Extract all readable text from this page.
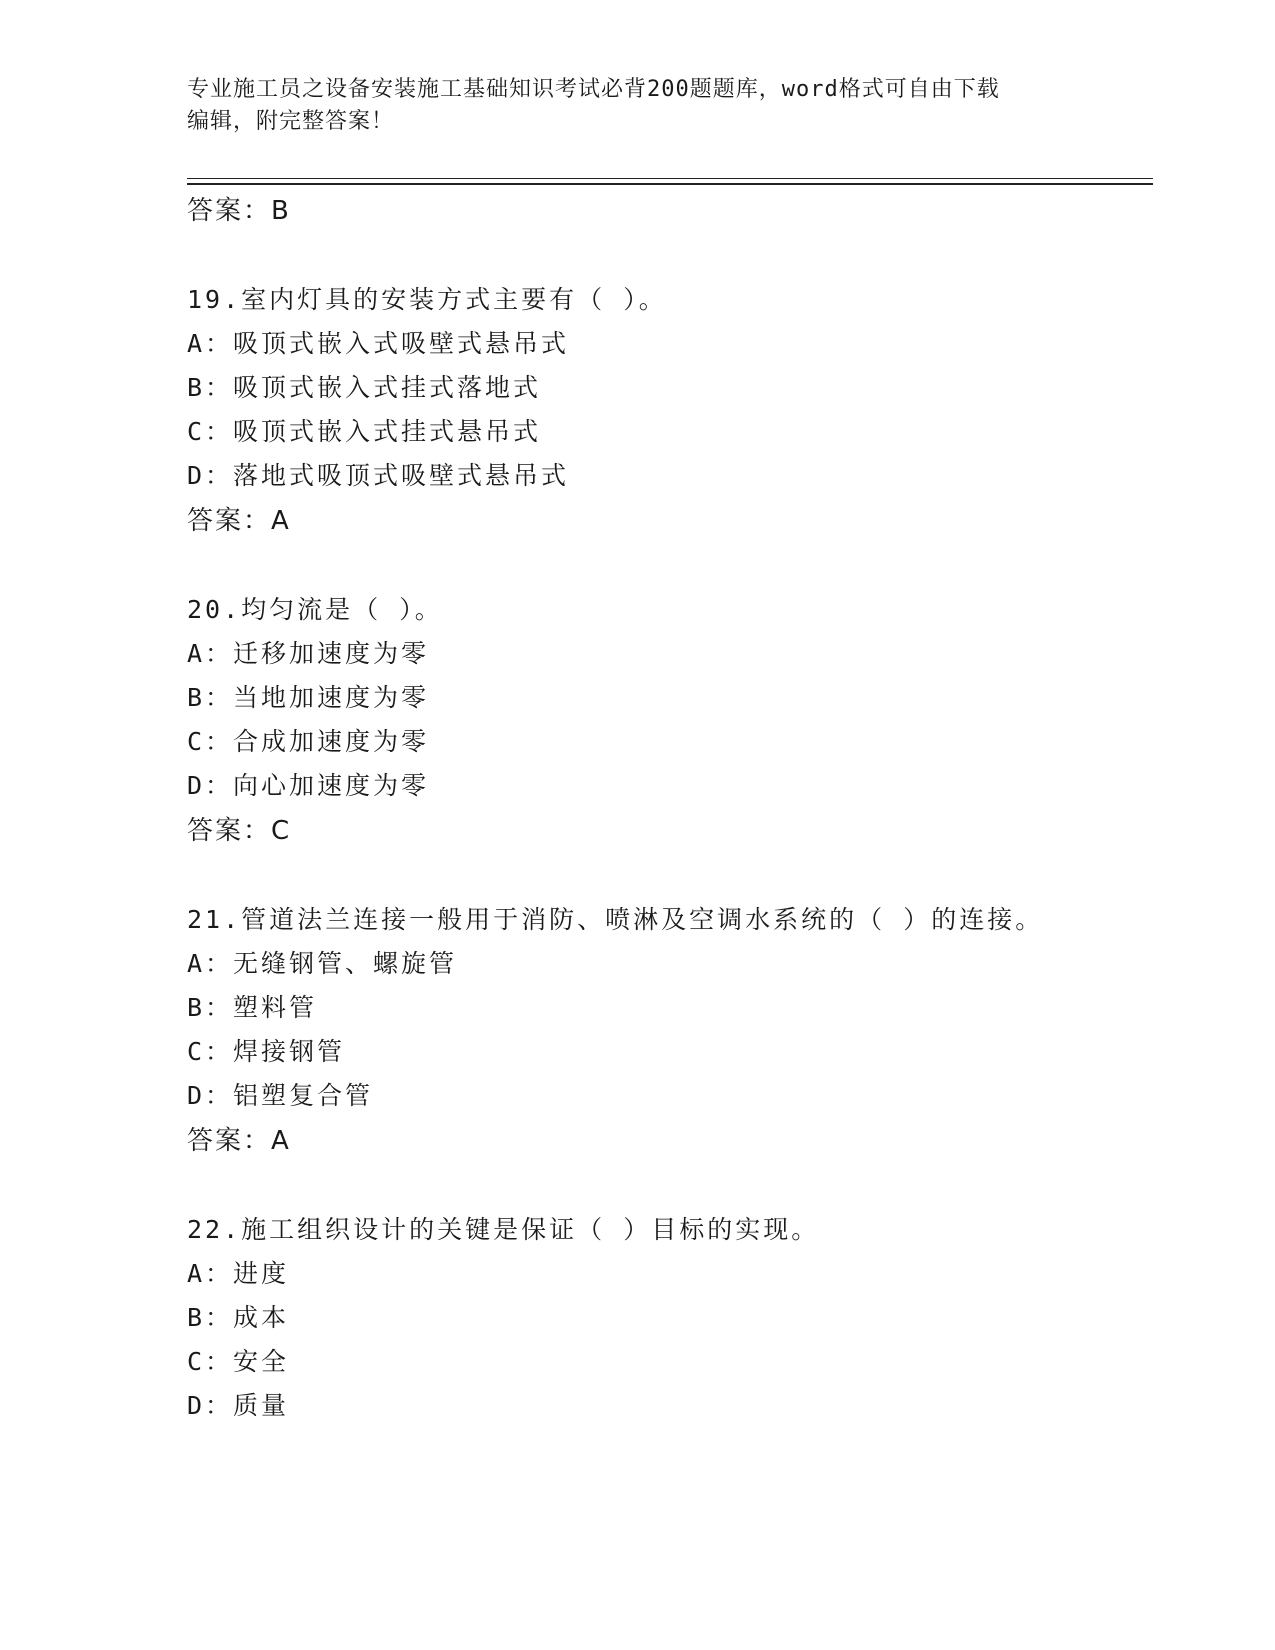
专业施工员之设备安装施工基础知识考试必背200题题库，word格式可自由下载
编辑，附完整答案！
答案：B
19.室内灯具的安装方式主要有（ ）。
A：吸顶式嵌入式吸壁式悬吊式
B：吸顶式嵌入式挂式落地式
C：吸顶式嵌入式挂式悬吊式
D：落地式吸顶式吸壁式悬吊式
答案：A
20.均匀流是（ ）。
A：迁移加速度为零
B：当地加速度为零
C：合成加速度为零
D：向心加速度为零
答案：C
21.管道法兰连接一般用于消防、喷淋及空调水系统的（ ）的连接。
A：无缝钢管、螺旋管
B：塑料管
C：焊接钢管
D：铝塑复合管
答案：A
22.施工组织设计的关键是保证（ ）目标的实现。
A：进度
B：成本
C：安全
D：质量
